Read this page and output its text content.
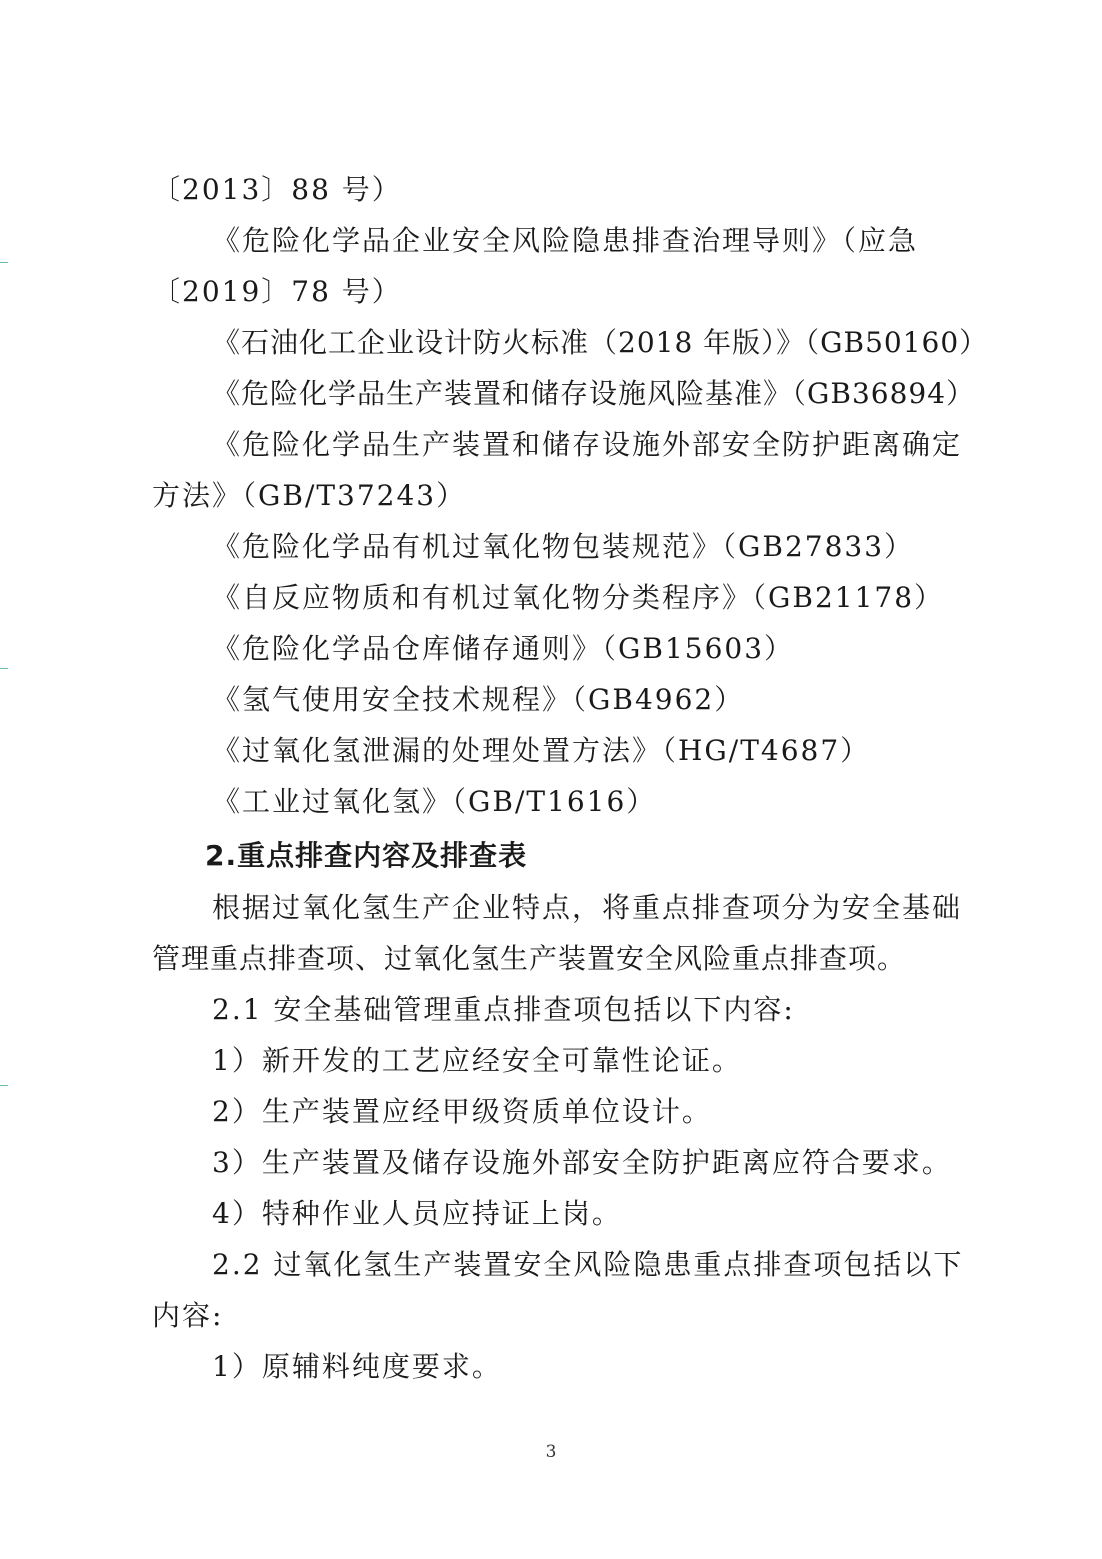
〔2013〕88 号）
《危险化学品企业安全风险隐患排查治理导则》（应急
〔2019〕78 号）
《石油化工企业设计防火标准（2018 年版）》（GB50160）
《危险化学品生产装置和储存设施风险基准》（GB36894）
《危险化学品生产装置和储存设施外部安全防护距离确定
方法》（GB/T37243）
《危险化学品有机过氧化物包装规范》（GB27833）
《自反应物质和有机过氧化物分类程序》（GB21178）
《危险化学品仓库储存通则》（GB15603）
《氢气使用安全技术规程》（GB4962）
《过氧化氢泄漏的处理处置方法》（HG/T4687）
《工业过氧化氢》（GB/T1616）
2.重点排查内容及排查表
根据过氧化氢生产企业特点，将重点排查项分为安全基础
管理重点排查项、过氧化氢生产装置安全风险重点排查项。
2.1 安全基础管理重点排查项包括以下内容:
1）新开发的工艺应经安全可靠性论证。
2）生产装置应经甲级资质单位设计。
3）生产装置及储存设施外部安全防护距离应符合要求。
4）特种作业人员应持证上岗。
2.2 过氧化氢生产装置安全风险隐患重点排查项包括以下
内容:
1）原辅料纯度要求。
3
